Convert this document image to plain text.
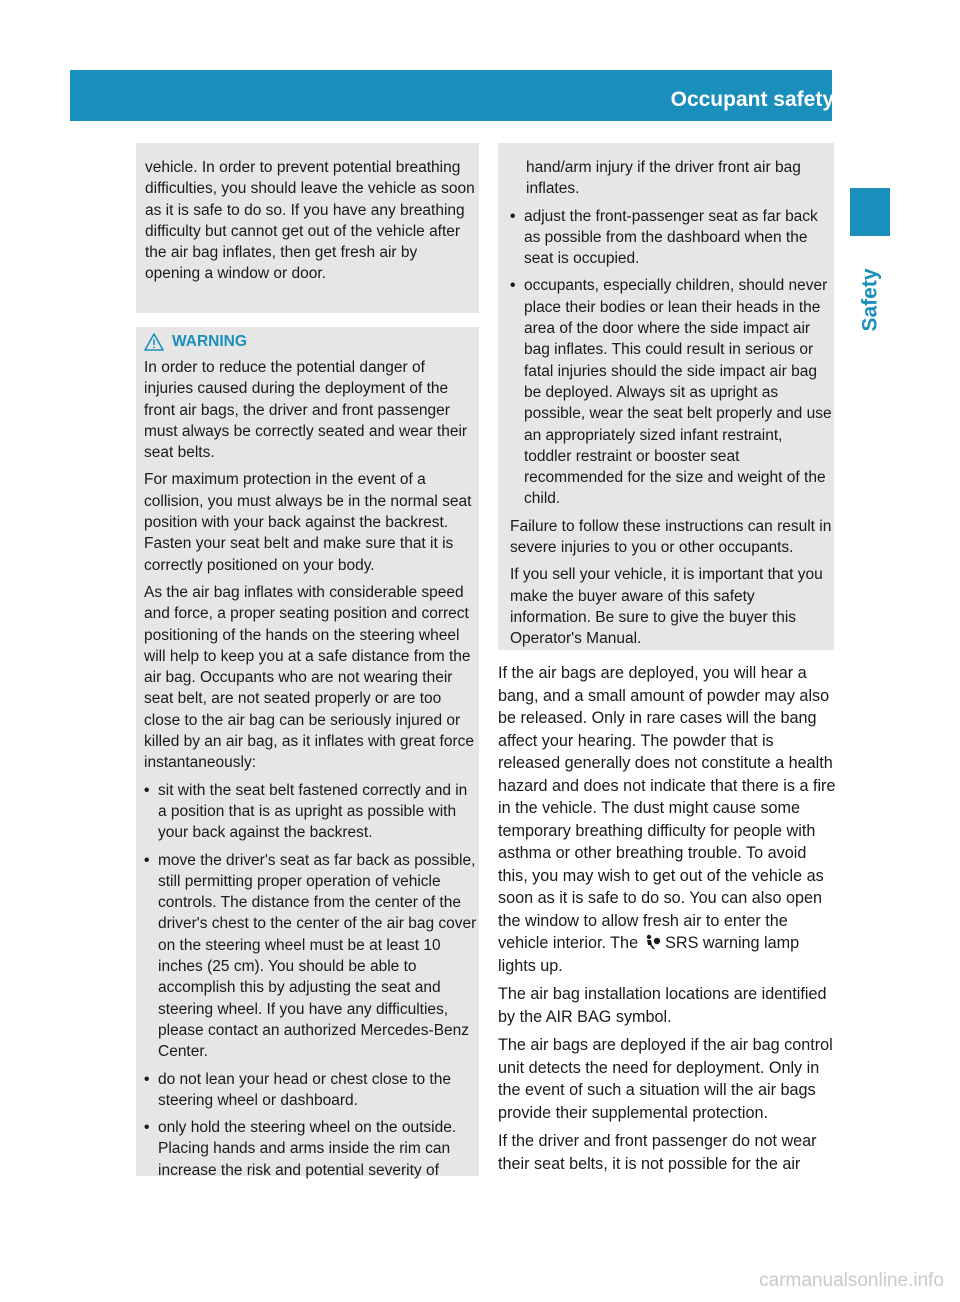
Occupant safety	45
Safety

vehicle. In order to prevent potential breathing difficulties, you should leave the vehicle as soon as it is safe to do so. If you have any breathing difficulty but cannot get out of the vehicle after the air bag inflates, then get fresh air by opening a window or door.

WARNING

In order to reduce the potential danger of injuries caused during the deployment of the front air bags, the driver and front passenger must always be correctly seated and wear their seat belts.

For maximum protection in the event of a collision, you must always be in the normal seat position with your back against the backrest. Fasten your seat belt and make sure that it is correctly positioned on your body.

As the air bag inflates with considerable speed and force, a proper seating position and correct positioning of the hands on the steering wheel will help to keep you at a safe distance from the air bag. Occupants who are not wearing their seat belt, are not seated properly or are too close to the air bag can be seriously injured or killed by an air bag, as it inflates with great force instantaneously:

• sit with the seat belt fastened correctly and in a position that is as upright as possible with your back against the backrest.
• move the driver's seat as far back as possible, still permitting proper operation of vehicle controls. The distance from the center of the driver's chest to the center of the air bag cover on the steering wheel must be at least 10 inches (25 cm). You should be able to accomplish this by adjusting the seat and steering wheel. If you have any difficulties, please contact an authorized Mercedes-Benz Center.
• do not lean your head or chest close to the steering wheel or dashboard.
• only hold the steering wheel on the outside. Placing hands and arms inside the rim can increase the risk and potential severity of

hand/arm injury if the driver front air bag inflates.

• adjust the front-passenger seat as far back as possible from the dashboard when the seat is occupied.
• occupants, especially children, should never place their bodies or lean their heads in the area of the door where the side impact air bag inflates. This could result in serious or fatal injuries should the side impact air bag be deployed. Always sit as upright as possible, wear the seat belt properly and use an appropriately sized infant restraint, toddler restraint or booster seat recommended for the size and weight of the child.

Failure to follow these instructions can result in severe injuries to you or other occupants.

If you sell your vehicle, it is important that you make the buyer aware of this safety information. Be sure to give the buyer this Operator's Manual.

If the air bags are deployed, you will hear a bang, and a small amount of powder may also be released. Only in rare cases will the bang affect your hearing. The powder that is released generally does not constitute a health hazard and does not indicate that there is a fire in the vehicle. The dust might cause some temporary breathing difficulty for people with asthma or other breathing trouble. To avoid this, you may wish to get out of the vehicle as soon as it is safe to do so. You can also open the window to allow fresh air to enter the vehicle interior. The SRS warning lamp lights up.

The air bag installation locations are identified by the AIR BAG symbol.

The air bags are deployed if the air bag control unit detects the need for deployment. Only in the event of such a situation will the air bags provide their supplemental protection.

If the driver and front passenger do not wear their seat belts, it is not possible for the air

carmanualsonline.info
